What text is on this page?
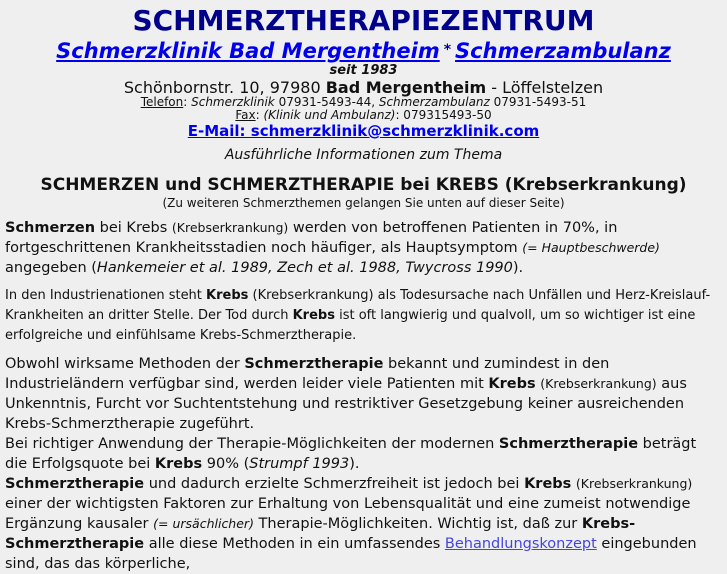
SCHMERZTHERAPIEZENTRUM
Schmerzklinik Bad Mergentheim * Schmerzambulanz
seit 1983
Schönbornstr. 10, 97980 Bad Mergentheim - Löffelstelzen
Telefon: Schmerzklinik 07931-5493-44, Schmerzambulanz 07931-5493-51
Fax: (Klinik und Ambulanz): 079315493-50
E-Mail: schmerzklinik@schmerzklinik.com
Ausführliche Informationen zum Thema
SCHMERZEN und SCHMERZTHERAPIE bei KREBS (Krebserkrankung)
(Zu weiteren Schmerzthemen gelangen Sie unten auf dieser Seite)

Schmerzen bei Krebs (Krebserkrankung) werden von betroffenen Patienten in 70%, in fortgeschrittenen Krankheitsstadien noch häufiger, als Hauptsymptom (= Hauptbeschwerde) angegeben (Hankemeier et al. 1989, Zech et al. 1988, Twycross 1990).

In den Industrienationen steht Krebs (Krebserkrankung) als Todesursache nach Unfällen und Herz-Kreislauf-Krankheiten an dritter Stelle. Der Tod durch Krebs ist oft langwierig und qualvoll, um so wichtiger ist eine erfolgreiche und einfühlsame Krebs-Schmerztherapie.

Obwohl wirksame Methoden der Schmerztherapie bekannt und zumindest in den Industrieländern verfügbar sind, werden leider viele Patienten mit Krebs (Krebserkrankung) aus Unkenntnis, Furcht vor Suchtentstehung und restriktiver Gesetzgebung keiner ausreichenden Krebs-Schmerztherapie zugeführt.
Bei richtiger Anwendung der Therapie-Möglichkeiten der modernen Schmerztherapie beträgt die Erfolgsquote bei Krebs 90% (Strumpf 1993).
Schmerztherapie und dadurch erzielte Schmerzfreiheit ist jedoch bei Krebs (Krebserkrankung) einer der wichtigsten Faktoren zur Erhaltung von Lebensqualität und eine zumeist notwendige Ergänzung kausaler (= ursächlicher) Therapie-Möglichkeiten. Wichtig ist, daß zur Krebs-Schmerztherapie alle diese Methoden in ein umfassendes Behandlungskonzept eingebunden sind, das das körperliche,
